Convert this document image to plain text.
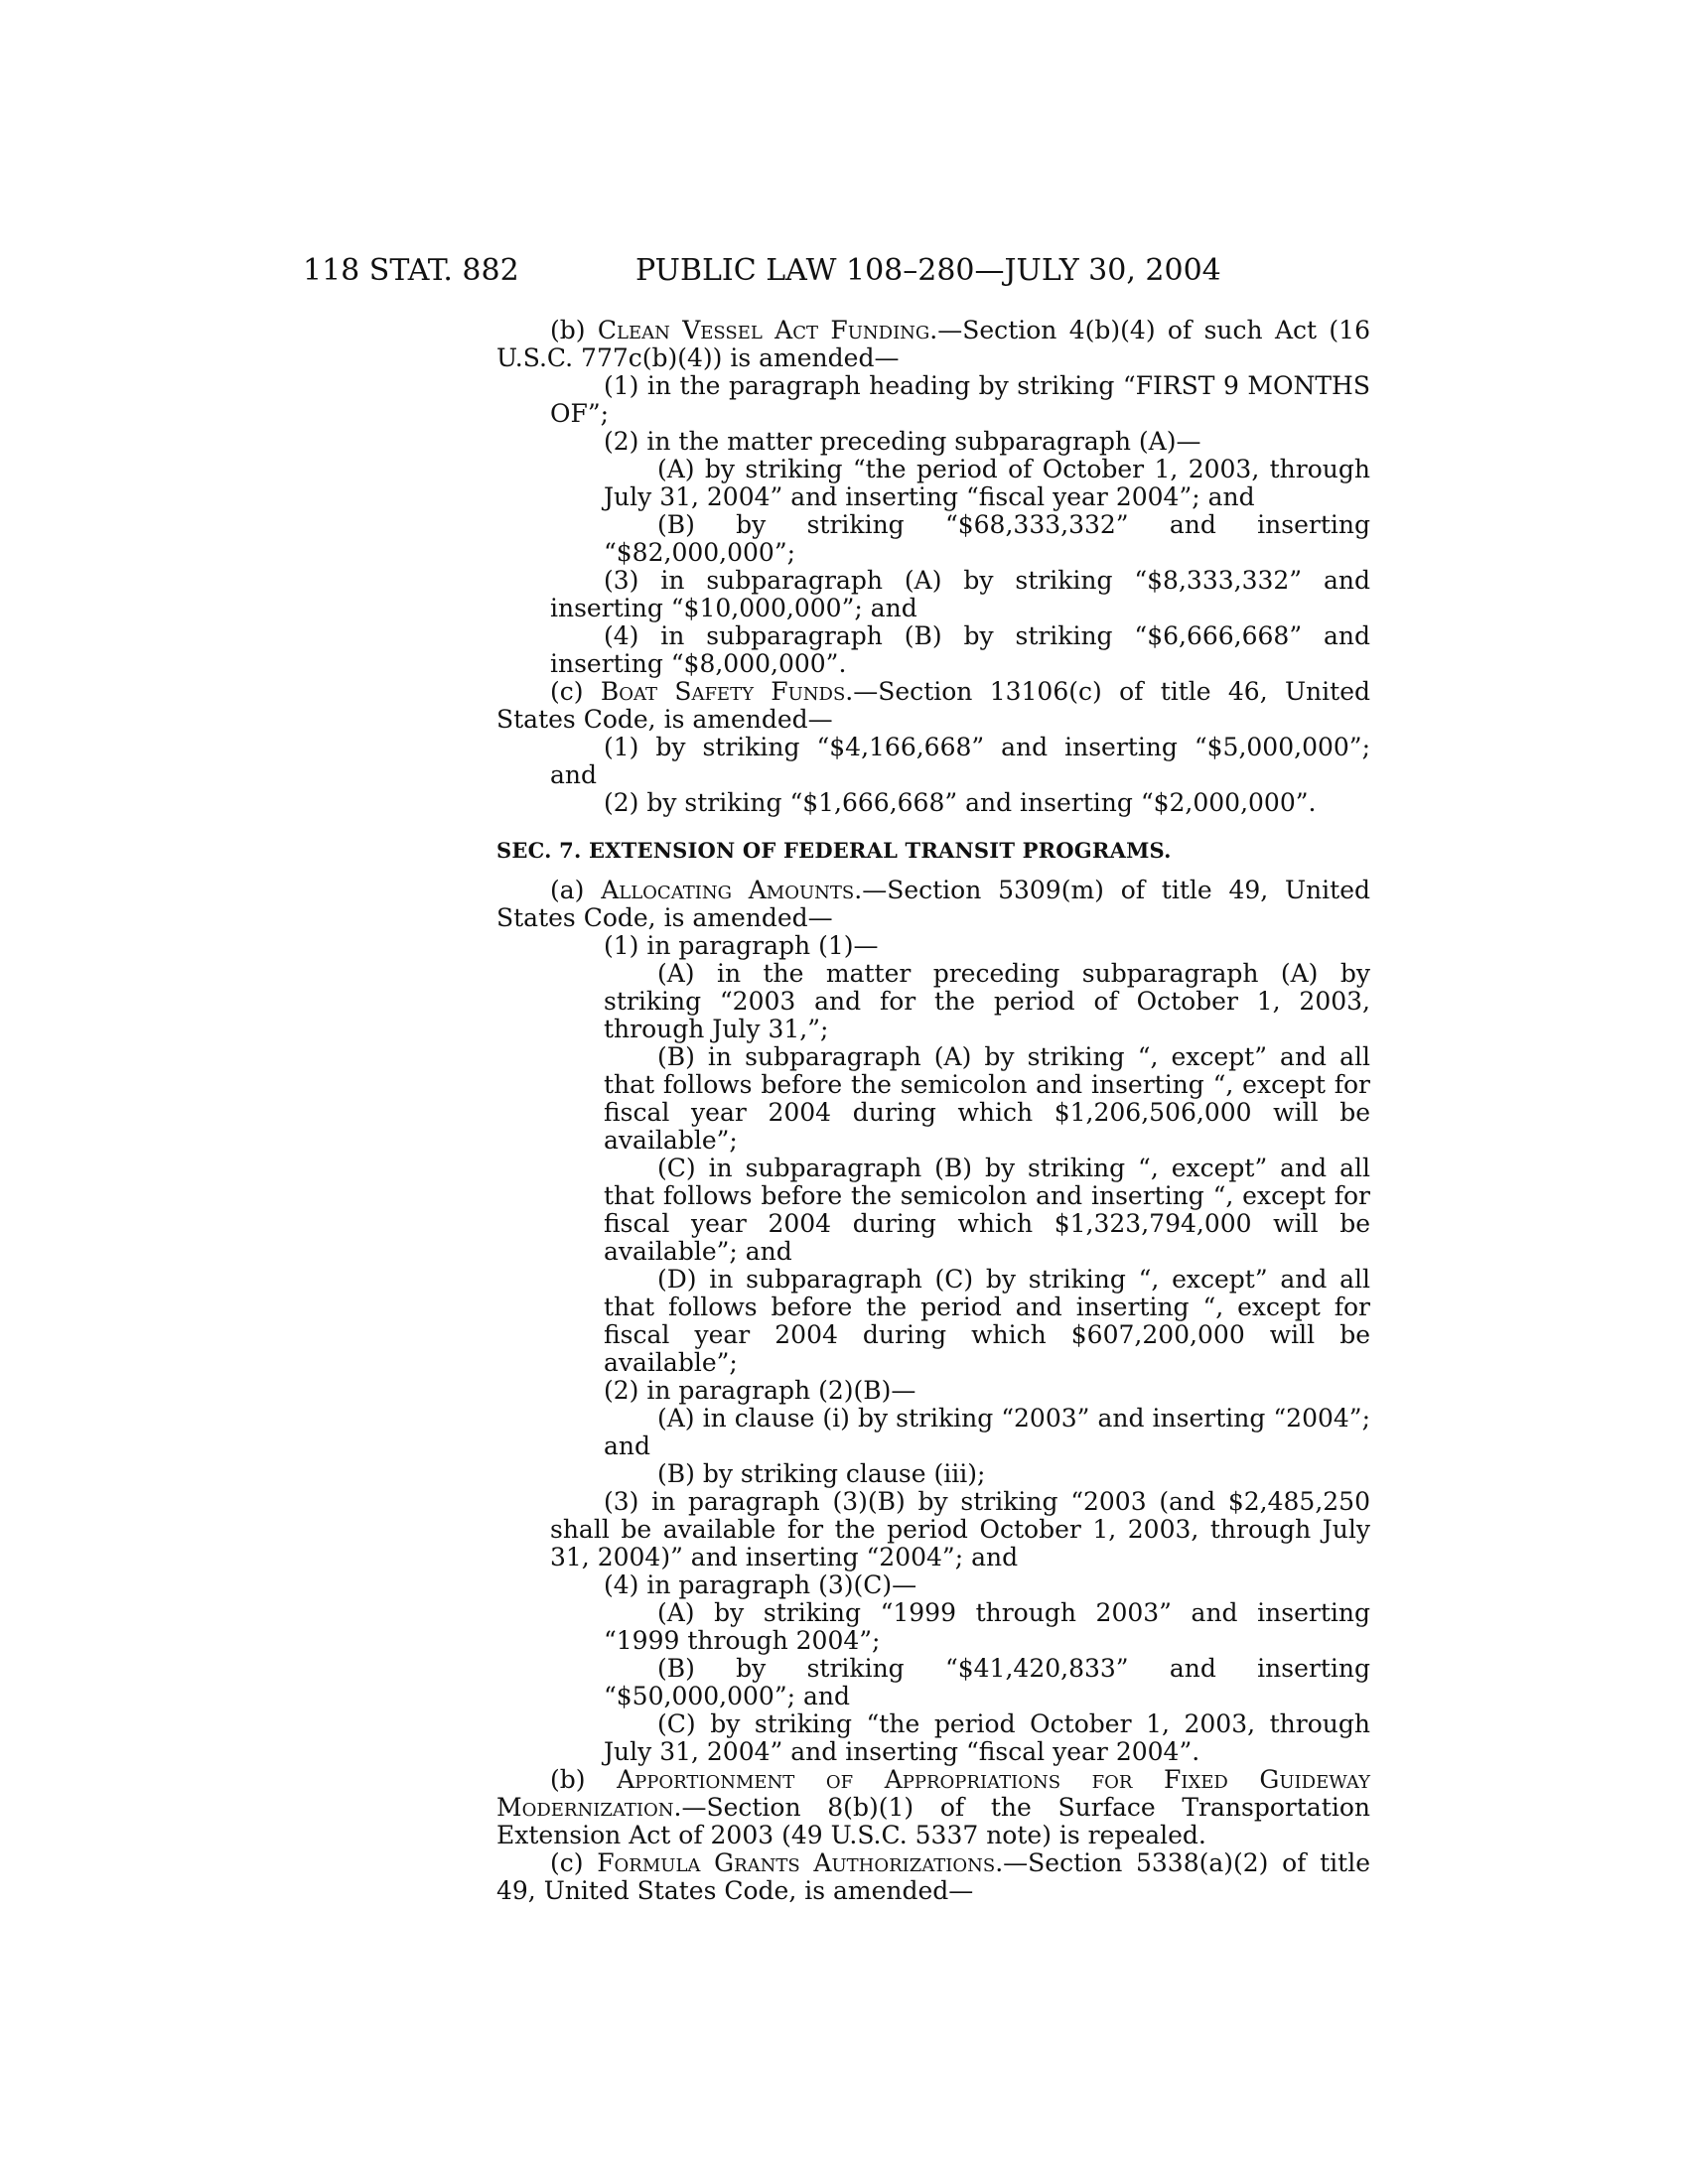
118 STAT. 882	PUBLIC LAW 108–280—JULY 30, 2004

(b) Clean Vessel Act Funding.—Section 4(b)(4) of such Act (16 U.S.C. 777c(b)(4)) is amended—

(1) in the paragraph heading by striking “FIRST 9 MONTHS OF”;

(2) in the matter preceding subparagraph (A)—

(A) by striking “the period of October 1, 2003, through July 31, 2004” and inserting “fiscal year 2004”; and

(B) by striking “$68,333,332” and inserting “$82,000,000”;

(3) in subparagraph (A) by striking “$8,333,332” and inserting “$10,000,000”; and

(4) in subparagraph (B) by striking “$6,666,668” and inserting “$8,000,000”.

(c) Boat Safety Funds.—Section 13106(c) of title 46, United States Code, is amended—

(1) by striking “$4,166,668” and inserting “$5,000,000”; and

(2) by striking “$1,666,668” and inserting “$2,000,000”.

SEC. 7. EXTENSION OF FEDERAL TRANSIT PROGRAMS.

(a) Allocating Amounts.—Section 5309(m) of title 49, United States Code, is amended—

(1) in paragraph (1)—

(A) in the matter preceding subparagraph (A) by striking “2003 and for the period of October 1, 2003, through July 31,”;

(B) in subparagraph (A) by striking “, except” and all that follows before the semicolon and inserting “, except for fiscal year 2004 during which $1,206,506,000 will be available”;

(C) in subparagraph (B) by striking “, except” and all that follows before the semicolon and inserting “, except for fiscal year 2004 during which $1,323,794,000 will be available”; and

(D) in subparagraph (C) by striking “, except” and all that follows before the period and inserting “, except for fiscal year 2004 during which $607,200,000 will be available”;

(2) in paragraph (2)(B)—

(A) in clause (i) by striking “2003” and inserting “2004”; and

(B) by striking clause (iii);

(3) in paragraph (3)(B) by striking “2003 (and $2,485,250 shall be available for the period October 1, 2003, through July 31, 2004)” and inserting “2004”; and

(4) in paragraph (3)(C)—

(A) by striking “1999 through 2003” and inserting “1999 through 2004”;

(B) by striking “$41,420,833” and inserting “$50,000,000”; and

(C) by striking “the period October 1, 2003, through July 31, 2004” and inserting “fiscal year 2004”.

(b) Apportionment of Appropriations for Fixed Guideway Modernization.—Section 8(b)(1) of the Surface Transportation Extension Act of 2003 (49 U.S.C. 5337 note) is repealed.

(c) Formula Grants Authorizations.—Section 5338(a)(2) of title 49, United States Code, is amended—
